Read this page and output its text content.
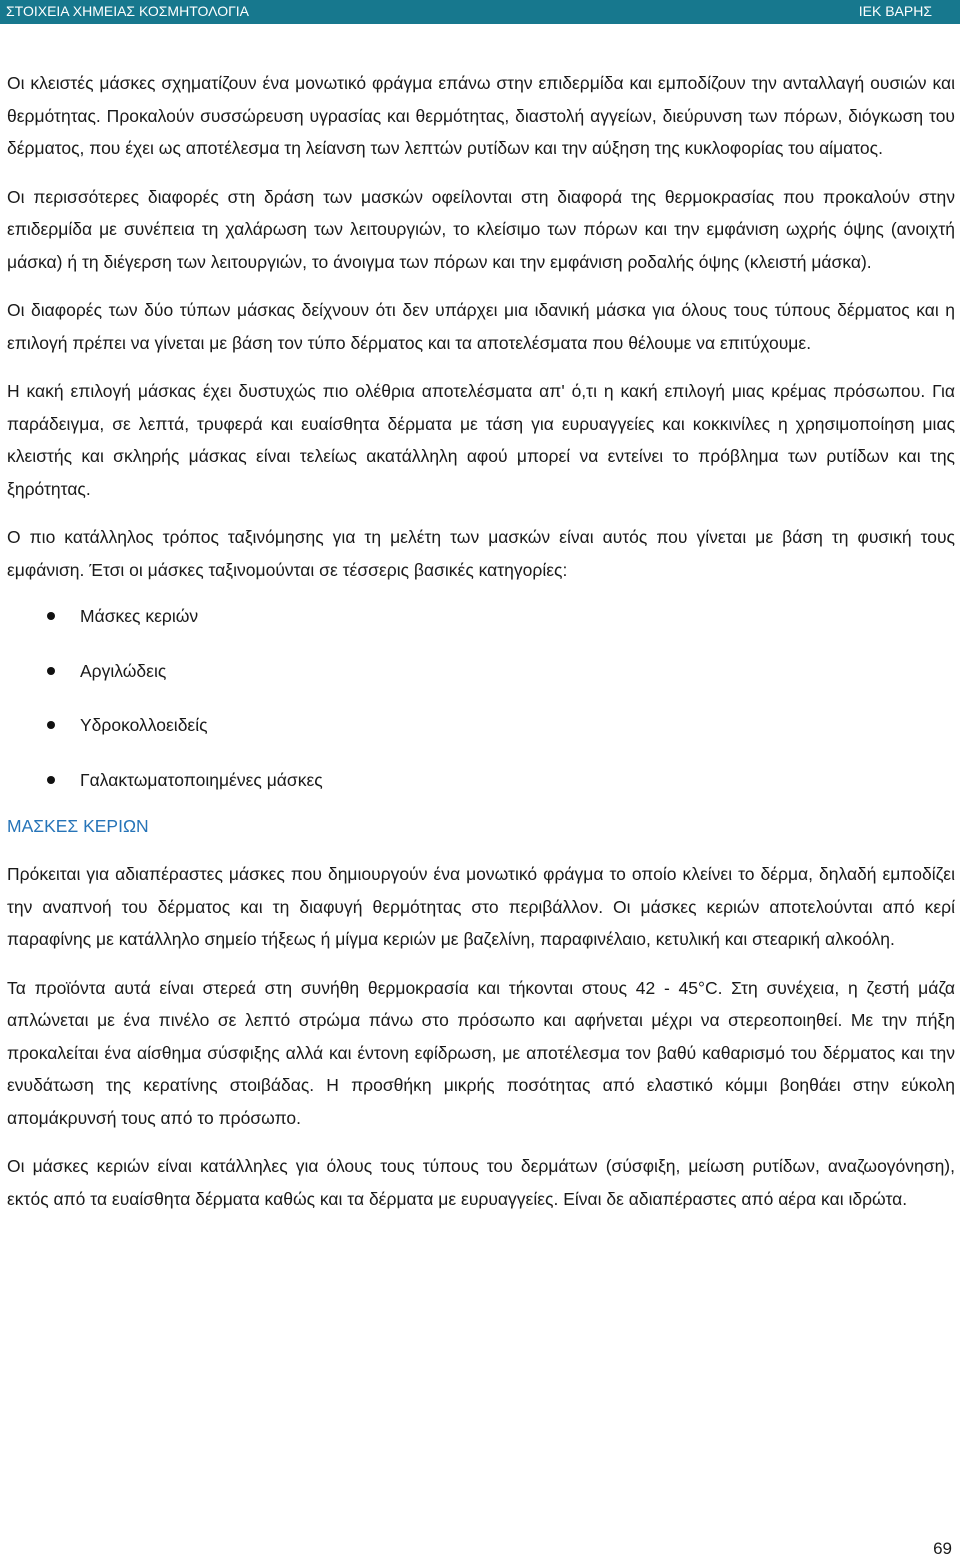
ΣΤΟΙΧΕΙΑ ΧΗΜΕΙΑΣ ΚΟΣΜΗΤΟΛΟΓΙΑ	ΙΕΚ ΒΑΡΗΣ

Οι κλειστές μάσκες σχηματίζουν ένα μονωτικό φράγμα επάνω στην επιδερμίδα και εμποδίζουν την ανταλλαγή ουσιών και θερμότητας. Προκαλούν συσσώρευση υγρασίας και θερμότητας, διαστολή αγγείων, διεύρυνση των πόρων, διόγκωση του δέρματος, που έχει ως αποτέλεσμα τη λείανση των λεπτών ρυτίδων και την αύξηση της κυκλοφορίας του αίματος.

Οι περισσότερες διαφορές στη δράση των μασκών οφείλονται στη διαφορά της θερμοκρασίας που προκαλούν στην επιδερμίδα με συνέπεια τη χαλάρωση των λειτουργιών, το κλείσιμο των πόρων και την εμφάνιση ωχρής όψης (ανοιχτή μάσκα) ή τη διέγερση των λειτουργιών, το άνοιγμα των πόρων και την εμφάνιση ροδαλής όψης (κλειστή μάσκα).

Οι διαφορές των δύο τύπων μάσκας δείχνουν ότι δεν υπάρχει μια ιδανική μάσκα για όλους τους τύπους δέρματος και η επιλογή πρέπει να γίνεται με βάση τον τύπο δέρματος και τα αποτελέσματα που θέλουμε να επιτύχουμε.

Η κακή επιλογή μάσκας έχει δυστυχώς πιο ολέθρια αποτελέσματα απ' ό,τι η κακή επιλογή μιας κρέμας πρόσωπου. Για παράδειγμα, σε λεπτά, τρυφερά και ευαίσθητα δέρματα με τάση για ευρυαγγείες και κοκκινίλες η χρησιμοποίηση μιας κλειστής και σκληρής μάσκας είναι τελείως ακατάλληλη αφού μπορεί να εντείνει το πρόβλημα των ρυτίδων και της ξηρότητας.

Ο πιο κατάλληλος τρόπος ταξινόμησης για τη μελέτη των μασκών είναι αυτός που γίνεται με βάση τη φυσική τους εμφάνιση. Έτσι οι μάσκες ταξινομούνται σε τέσσερις βασικές κατηγορίες:

Μάσκες κεριών
Αργιλώδεις
Υδροκολλοειδείς
Γαλακτωματοποιημένες μάσκες
ΜΑΣΚΕΣ ΚΕΡΙΩΝ

Πρόκειται για αδιαπέραστες μάσκες που δημιουργούν ένα μονωτικό φράγμα το οποίο κλείνει το δέρμα, δηλαδή εμποδίζει την αναπνοή του δέρματος και τη διαφυγή θερμότητας στο περιβάλλον. Οι μάσκες κεριών αποτελούνται από κερί παραφίνης με κατάλληλο σημείο τήξεως ή μίγμα κεριών με βαζελίνη, παραφινέλαιο, κετυλική και στεαρική αλκοόλη.

Τα προϊόντα αυτά είναι στερεά στη συνήθη θερμοκρασία και τήκονται στους 42 - 45°C. Στη συνέχεια, η ζεστή μάζα απλώνεται με ένα πινέλο σε λεπτό στρώμα πάνω στο πρόσωπο και αφήνεται μέχρι να στερεοποιηθεί. Με την πήξη προκαλείται ένα αίσθημα σύσφιξης αλλά και έντονη εφίδρωση, με αποτέλεσμα τον βαθύ καθαρισμό του δέρματος και την ενυδάτωση της κερατίνης στοιβάδας. Η προσθήκη μικρής ποσότητας από ελαστικό κόμμι βοηθάει στην εύκολη απομάκρυνσή τους από το πρόσωπο.

Οι μάσκες κεριών είναι κατάλληλες για όλους τους τύπους του δερμάτων (σύσφιξη, μείωση ρυτίδων, αναζωογόνηση), εκτός από τα ευαίσθητα δέρματα καθώς και τα δέρματα με ευρυαγγείες. Είναι δε αδιαπέραστες από αέρα και ιδρώτα.

69
